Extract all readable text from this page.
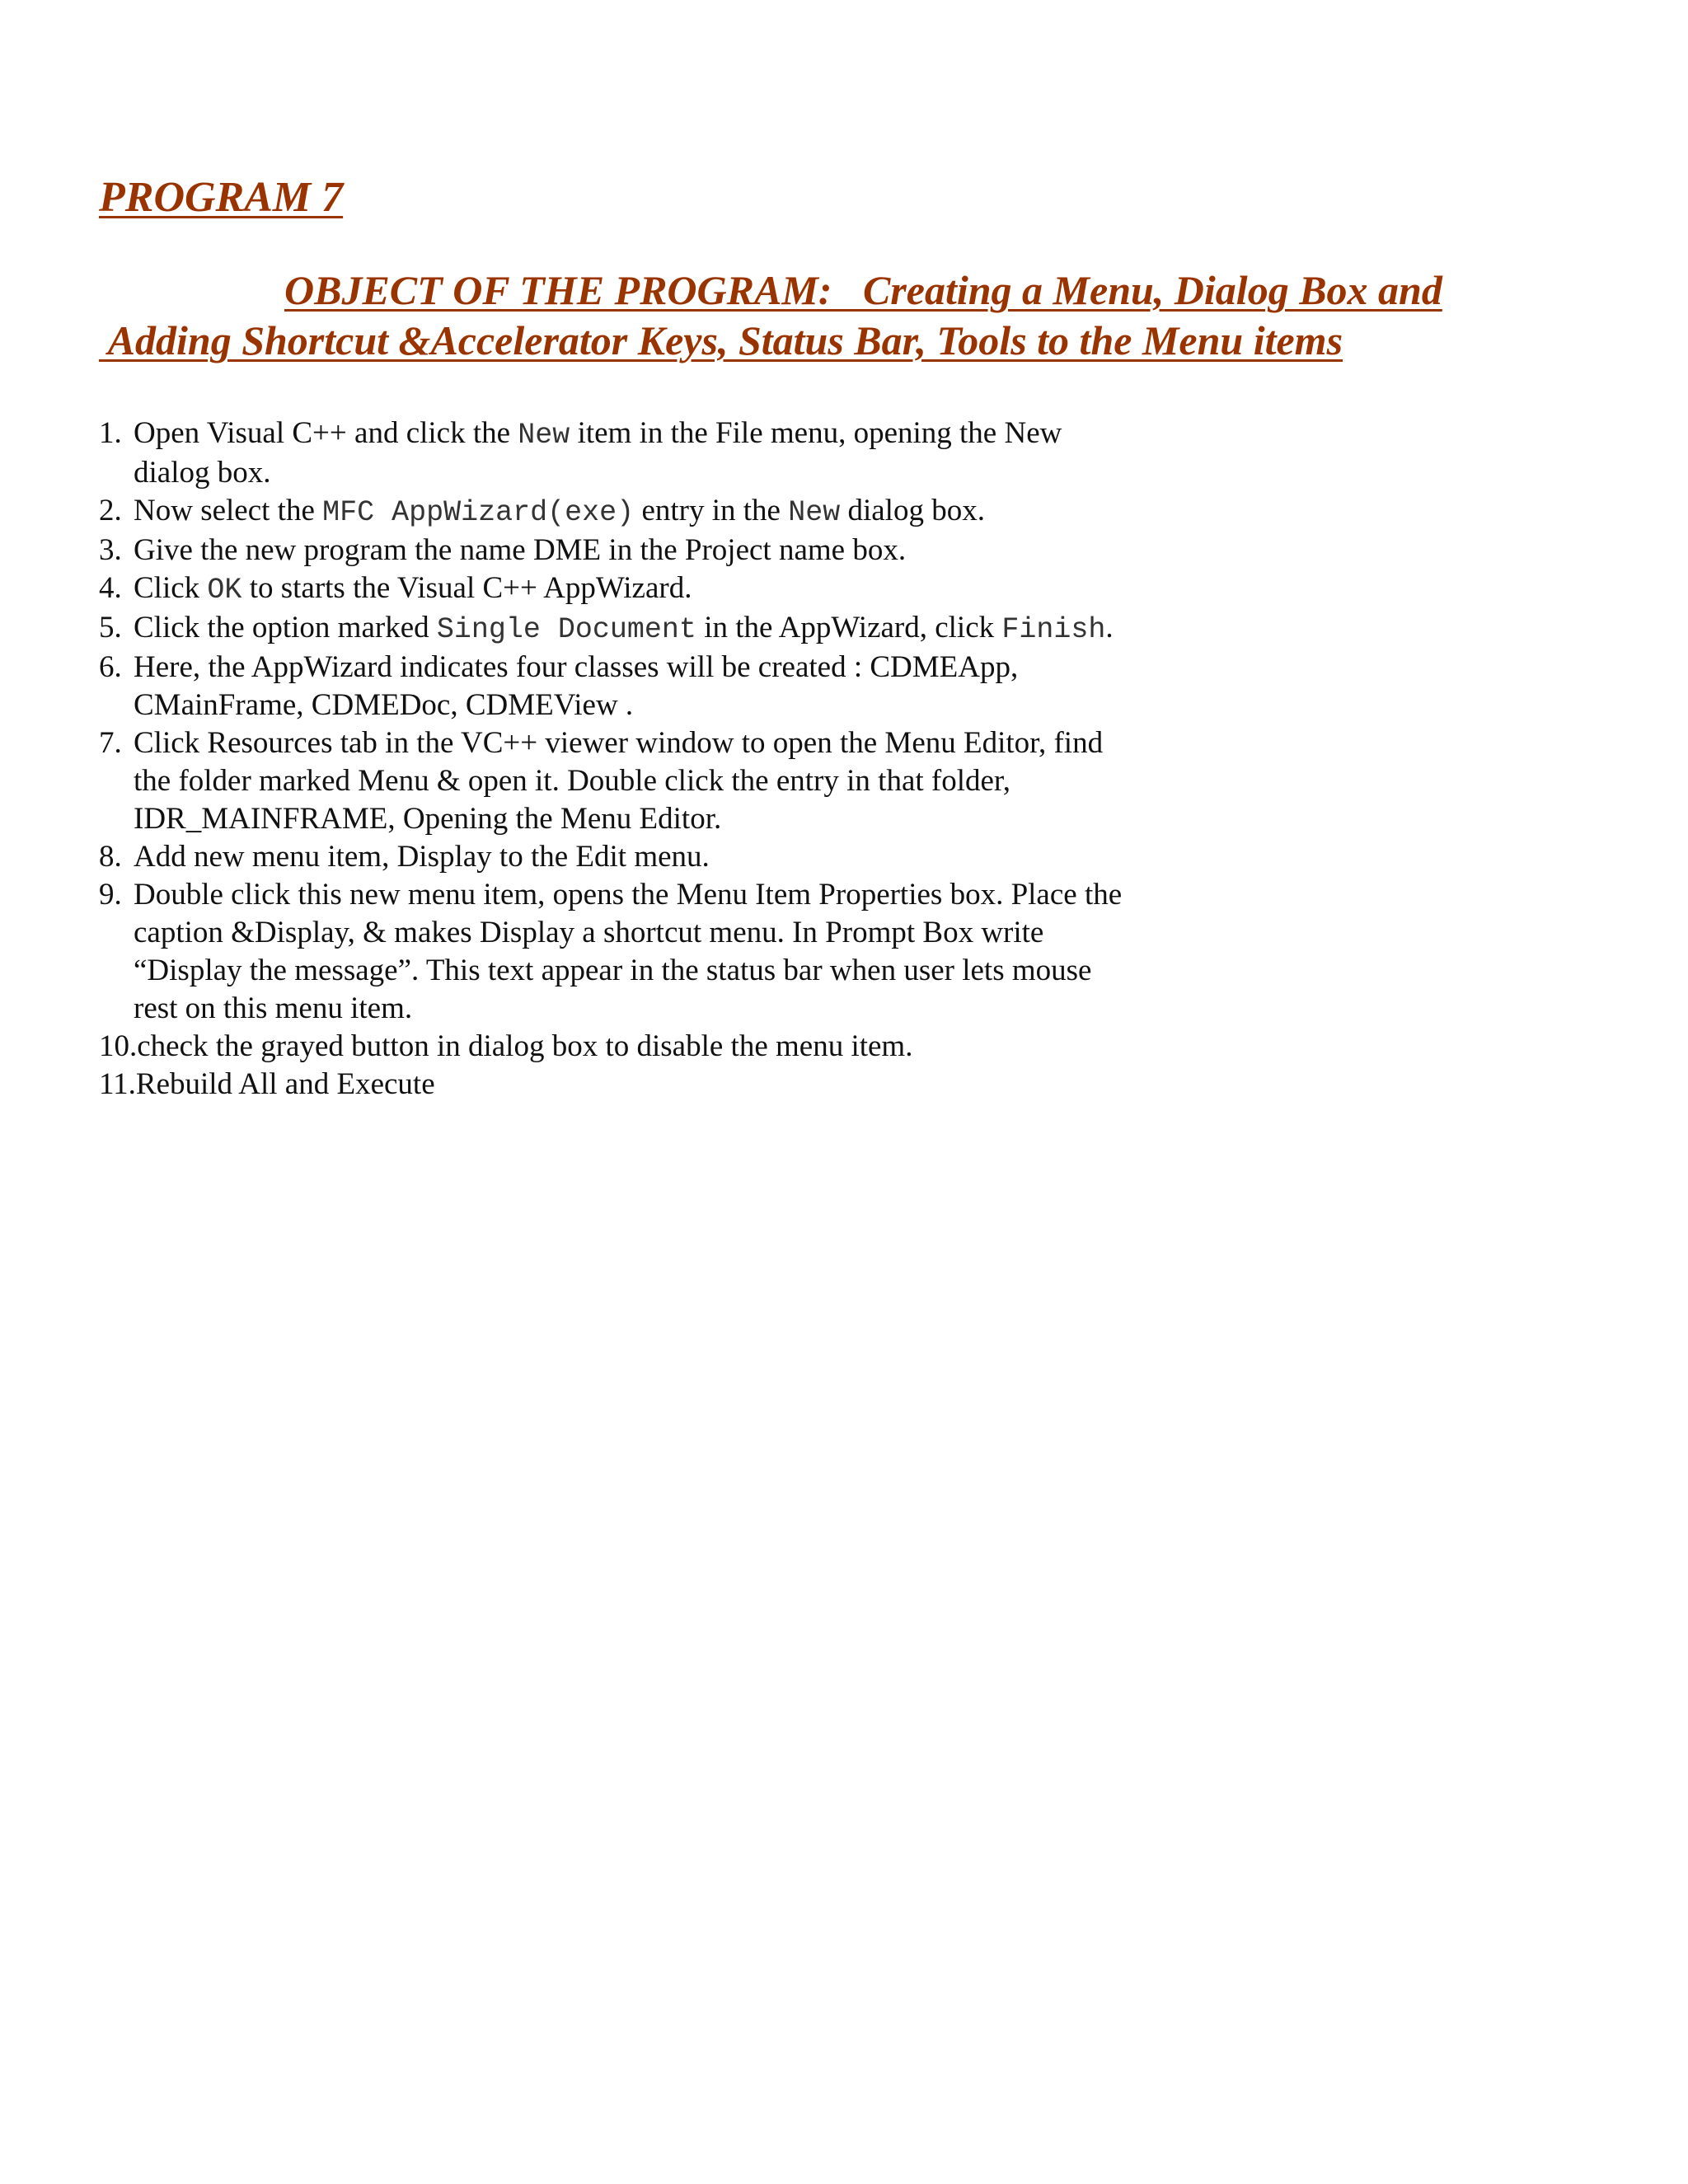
PROGRAM 7
OBJECT OF THE PROGRAM:   Creating a Menu, Dialog Box and
Adding Shortcut &Accelerator Keys, Status Bar, Tools to the Menu items
1. Open Visual C++ and click the New item in the File menu, opening the New
dialog box.
2. Now select the MFC AppWizard(exe) entry in the New dialog box.
3. Give the new program the name DME in the Project name box.
4. Click OK to starts the Visual C++ AppWizard.
5. Click the option marked Single Document in the AppWizard, click Finish.
6. Here, the AppWizard indicates four classes will be created : CDMEApp,
CMainFrame, CDMEDoc, CDMEView .
7. Click Resources tab in the VC++ viewer window to open the Menu Editor, find
the folder marked Menu & open it. Double click the entry in that folder,
IDR_MAINFRAME, Opening the Menu Editor.
8. Add new menu item, Display to the Edit menu.
9. Double click this new menu item, opens the Menu Item Properties box. Place the
caption &Display, & makes Display a shortcut menu. In Prompt Box write
“Display the message”. This text appear in the status bar when user lets mouse
rest on this menu item.
10.check the grayed button in dialog box to disable the menu item.
11.Rebuild All and Execute
